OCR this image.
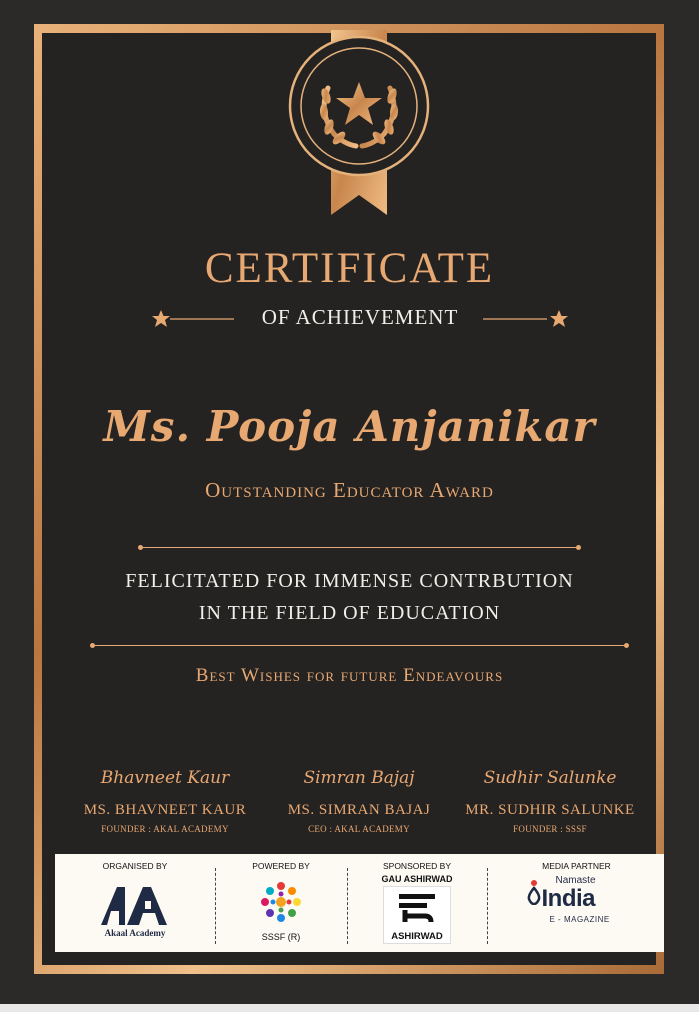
CERTIFICATE
OF ACHIEVEMENT
Ms. Pooja Anjanikar
Outstanding Educator Award
FELICITATED FOR IMMENSE CONTRBUTION
IN THE FIELD OF EDUCATION
Best Wishes for future Endeavours
Bhavneet Kaur
MS. BHAVNEET KAUR
FOUNDER : AKAL ACADEMY
Simran Bajaj
MS. SIMRAN BAJAJ
CEO : AKAL ACADEMY
Sudhir Salunke
MR. SUDHIR SALUNKE
FOUNDER : SSSF
ORGANISED BY
Akaal Academy
POWERED BY
SSSF (R)
SPONSORED BY
GAU ASHIRWAD
ASHIRWAD
MEDIA PARTNER
Namaste
India
E - MAGAZINE
